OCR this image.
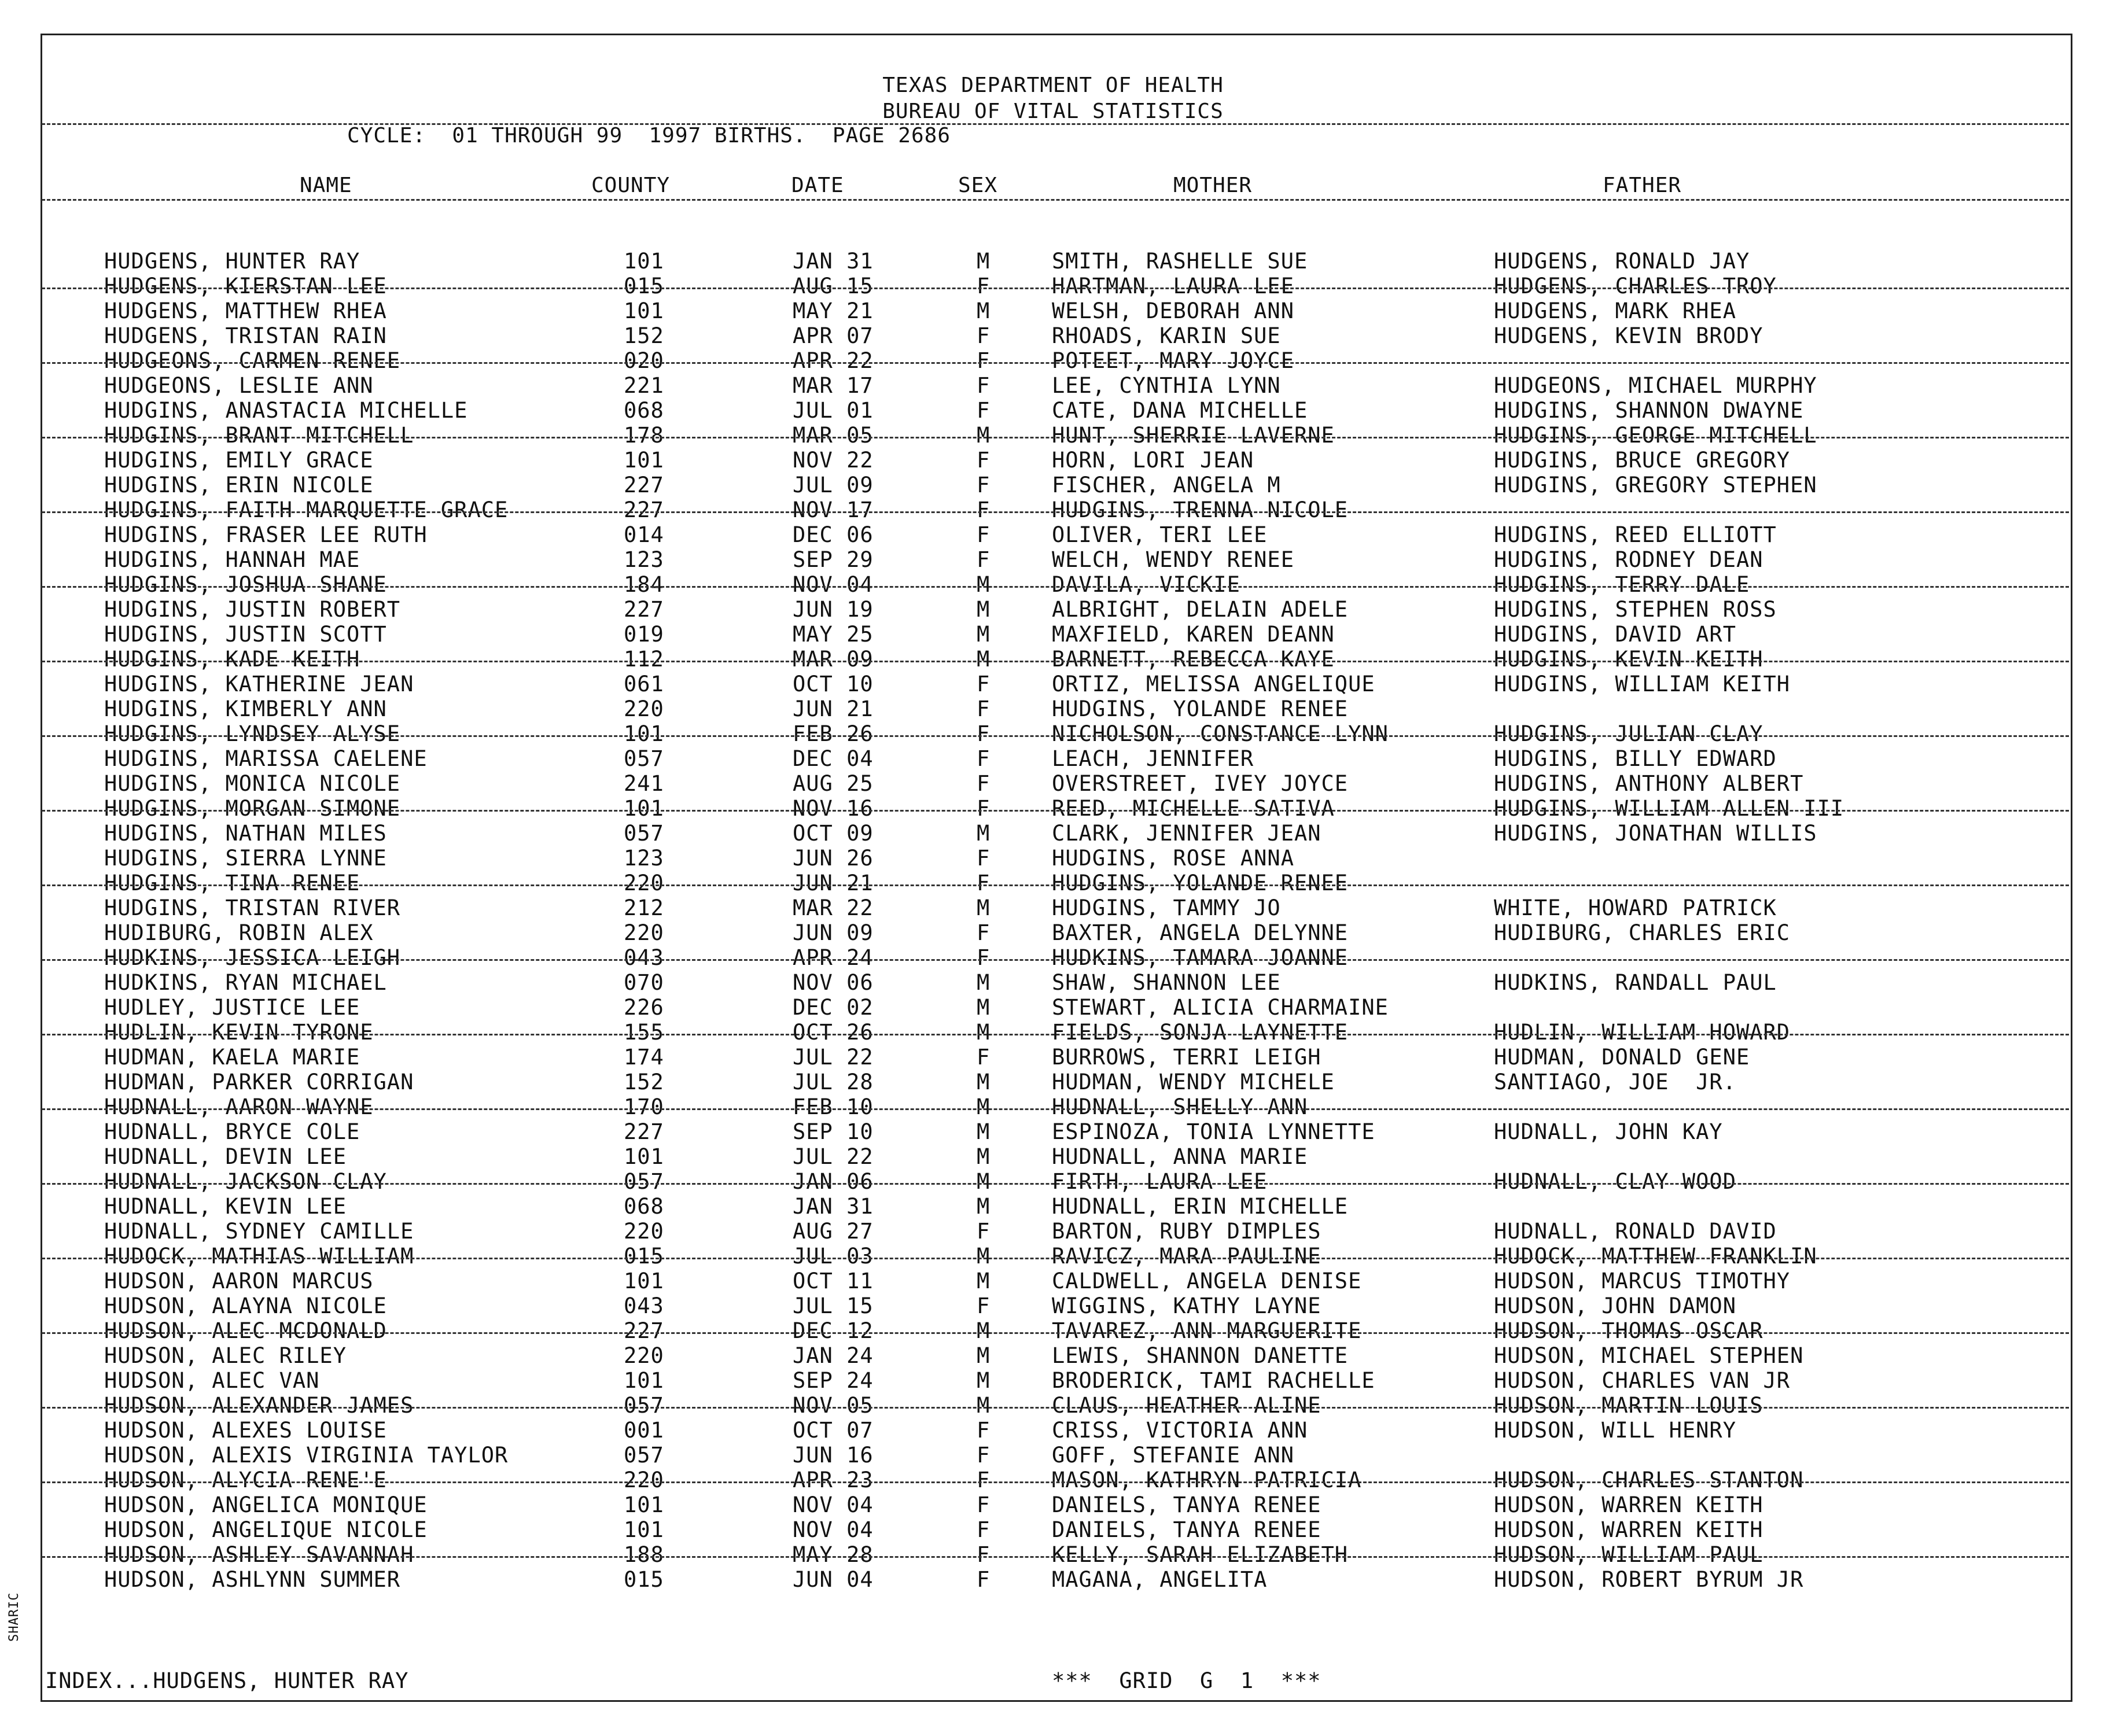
TEXAS DEPARTMENT OF HEALTH
BUREAU OF VITAL STATISTICS
CYCLE:  01 THROUGH 99  1997 BIRTHS.  PAGE 2686
NAME	COUNTY	DATE	SEX	MOTHER	FATHER
HUDGENS, HUNTER RAY	101	JAN 31	M	SMITH, RASHELLE SUE	HUDGENS, RONALD JAY
HUDGENS, KIERSTAN LEE	015	AUG 15	F	HARTMAN, LAURA LEE	HUDGENS, CHARLES TROY
HUDGENS, MATTHEW RHEA	101	MAY 21	M	WELSH, DEBORAH ANN	HUDGENS, MARK RHEA
HUDGENS, TRISTAN RAIN	152	APR 07	F	RHOADS, KARIN SUE	HUDGENS, KEVIN BRODY
HUDGEONS, CARMEN RENEE	020	APR 22	F	POTEET, MARY JOYCE
HUDGEONS, LESLIE ANN	221	MAR 17	F	LEE, CYNTHIA LYNN	HUDGEONS, MICHAEL MURPHY
HUDGINS, ANASTACIA MICHELLE	068	JUL 01	F	CATE, DANA MICHELLE	HUDGINS, SHANNON DWAYNE
HUDGINS, BRANT MITCHELL	178	MAR 05	M	HUNT, SHERRIE LAVERNE	HUDGINS, GEORGE MITCHELL
HUDGINS, EMILY GRACE	101	NOV 22	F	HORN, LORI JEAN	HUDGINS, BRUCE GREGORY
HUDGINS, ERIN NICOLE	227	JUL 09	F	FISCHER, ANGELA M	HUDGINS, GREGORY STEPHEN
HUDGINS, FAITH MARQUETTE GRACE	227	NOV 17	F	HUDGINS, TRENNA NICOLE
HUDGINS, FRASER LEE RUTH	014	DEC 06	F	OLIVER, TERI LEE	HUDGINS, REED ELLIOTT
HUDGINS, HANNAH MAE	123	SEP 29	F	WELCH, WENDY RENEE	HUDGINS, RODNEY DEAN
HUDGINS, JOSHUA SHANE	184	NOV 04	M	DAVILA, VICKIE	HUDGINS, TERRY DALE
HUDGINS, JUSTIN ROBERT	227	JUN 19	M	ALBRIGHT, DELAIN ADELE	HUDGINS, STEPHEN ROSS
HUDGINS, JUSTIN SCOTT	019	MAY 25	M	MAXFIELD, KAREN DEANN	HUDGINS, DAVID ART
HUDGINS, KADE KEITH	112	MAR 09	M	BARNETT, REBECCA KAYE	HUDGINS, KEVIN KEITH
HUDGINS, KATHERINE JEAN	061	OCT 10	F	ORTIZ, MELISSA ANGELIQUE	HUDGINS, WILLIAM KEITH
HUDGINS, KIMBERLY ANN	220	JUN 21	F	HUDGINS, YOLANDE RENEE
HUDGINS, LYNDSEY ALYSE	101	FEB 26	F	NICHOLSON, CONSTANCE LYNN	HUDGINS, JULIAN CLAY
HUDGINS, MARISSA CAELENE	057	DEC 04	F	LEACH, JENNIFER	HUDGINS, BILLY EDWARD
HUDGINS, MONICA NICOLE	241	AUG 25	F	OVERSTREET, IVEY JOYCE	HUDGINS, ANTHONY ALBERT
HUDGINS, MORGAN SIMONE	101	NOV 16	F	REED, MICHELLE SATIVA	HUDGINS, WILLIAM ALLEN III
HUDGINS, NATHAN MILES	057	OCT 09	M	CLARK, JENNIFER JEAN	HUDGINS, JONATHAN WILLIS
HUDGINS, SIERRA LYNNE	123	JUN 26	F	HUDGINS, ROSE ANNA
HUDGINS, TINA RENEE	220	JUN 21	F	HUDGINS, YOLANDE RENEE
HUDGINS, TRISTAN RIVER	212	MAR 22	M	HUDGINS, TAMMY JO	WHITE, HOWARD PATRICK
HUDIBURG, ROBIN ALEX	220	JUN 09	F	BAXTER, ANGELA DELYNNE	HUDIBURG, CHARLES ERIC
HUDKINS, JESSICA LEIGH	043	APR 24	F	HUDKINS, TAMARA JOANNE
HUDKINS, RYAN MICHAEL	070	NOV 06	M	SHAW, SHANNON LEE	HUDKINS, RANDALL PAUL
HUDLEY, JUSTICE LEE	226	DEC 02	M	STEWART, ALICIA CHARMAINE
HUDLIN, KEVIN TYRONE	155	OCT 26	M	FIELDS, SONJA LAYNETTE	HUDLIN, WILLIAM HOWARD
HUDMAN, KAELA MARIE	174	JUL 22	F	BURROWS, TERRI LEIGH	HUDMAN, DONALD GENE
HUDMAN, PARKER CORRIGAN	152	JUL 28	M	HUDMAN, WENDY MICHELE	SANTIAGO, JOE  JR.
HUDNALL, AARON WAYNE	170	FEB 10	M	HUDNALL, SHELLY ANN
HUDNALL, BRYCE COLE	227	SEP 10	M	ESPINOZA, TONIA LYNNETTE	HUDNALL, JOHN KAY
HUDNALL, DEVIN LEE	101	JUL 22	M	HUDNALL, ANNA MARIE
HUDNALL, JACKSON CLAY	057	JAN 06	M	FIRTH, LAURA LEE	HUDNALL, CLAY WOOD
HUDNALL, KEVIN LEE	068	JAN 31	M	HUDNALL, ERIN MICHELLE
HUDNALL, SYDNEY CAMILLE	220	AUG 27	F	BARTON, RUBY DIMPLES	HUDNALL, RONALD DAVID
HUDOCK, MATHIAS WILLIAM	015	JUL 03	M	RAVICZ, MARA PAULINE	HUDOCK, MATTHEW FRANKLIN
HUDSON, AARON MARCUS	101	OCT 11	M	CALDWELL, ANGELA DENISE	HUDSON, MARCUS TIMOTHY
HUDSON, ALAYNA NICOLE	043	JUL 15	F	WIGGINS, KATHY LAYNE	HUDSON, JOHN DAMON
HUDSON, ALEC MCDONALD	227	DEC 12	M	TAVAREZ, ANN MARGUERITE	HUDSON, THOMAS OSCAR
HUDSON, ALEC RILEY	220	JAN 24	M	LEWIS, SHANNON DANETTE	HUDSON, MICHAEL STEPHEN
HUDSON, ALEC VAN	101	SEP 24	M	BRODERICK, TAMI RACHELLE	HUDSON, CHARLES VAN JR
HUDSON, ALEXANDER JAMES	057	NOV 05	M	CLAUS, HEATHER ALINE	HUDSON, MARTIN LOUIS
HUDSON, ALEXES LOUISE	001	OCT 07	F	CRISS, VICTORIA ANN	HUDSON, WILL HENRY
HUDSON, ALEXIS VIRGINIA TAYLOR	057	JUN 16	F	GOFF, STEFANIE ANN
HUDSON, ALYCIA RENE'E	220	APR 23	F	MASON, KATHRYN PATRICIA	HUDSON, CHARLES STANTON
HUDSON, ANGELICA MONIQUE	101	NOV 04	F	DANIELS, TANYA RENEE	HUDSON, WARREN KEITH
HUDSON, ANGELIQUE NICOLE	101	NOV 04	F	DANIELS, TANYA RENEE	HUDSON, WARREN KEITH
HUDSON, ASHLEY SAVANNAH	188	MAY 28	F	KELLY, SARAH ELIZABETH	HUDSON, WILLIAM PAUL
HUDSON, ASHLYNN SUMMER	015	JUN 04	F	MAGANA, ANGELITA	HUDSON, ROBERT BYRUM JR
INDEX...HUDGENS, HUNTER RAY	***  GRID  G  1  ***
SHARIC
